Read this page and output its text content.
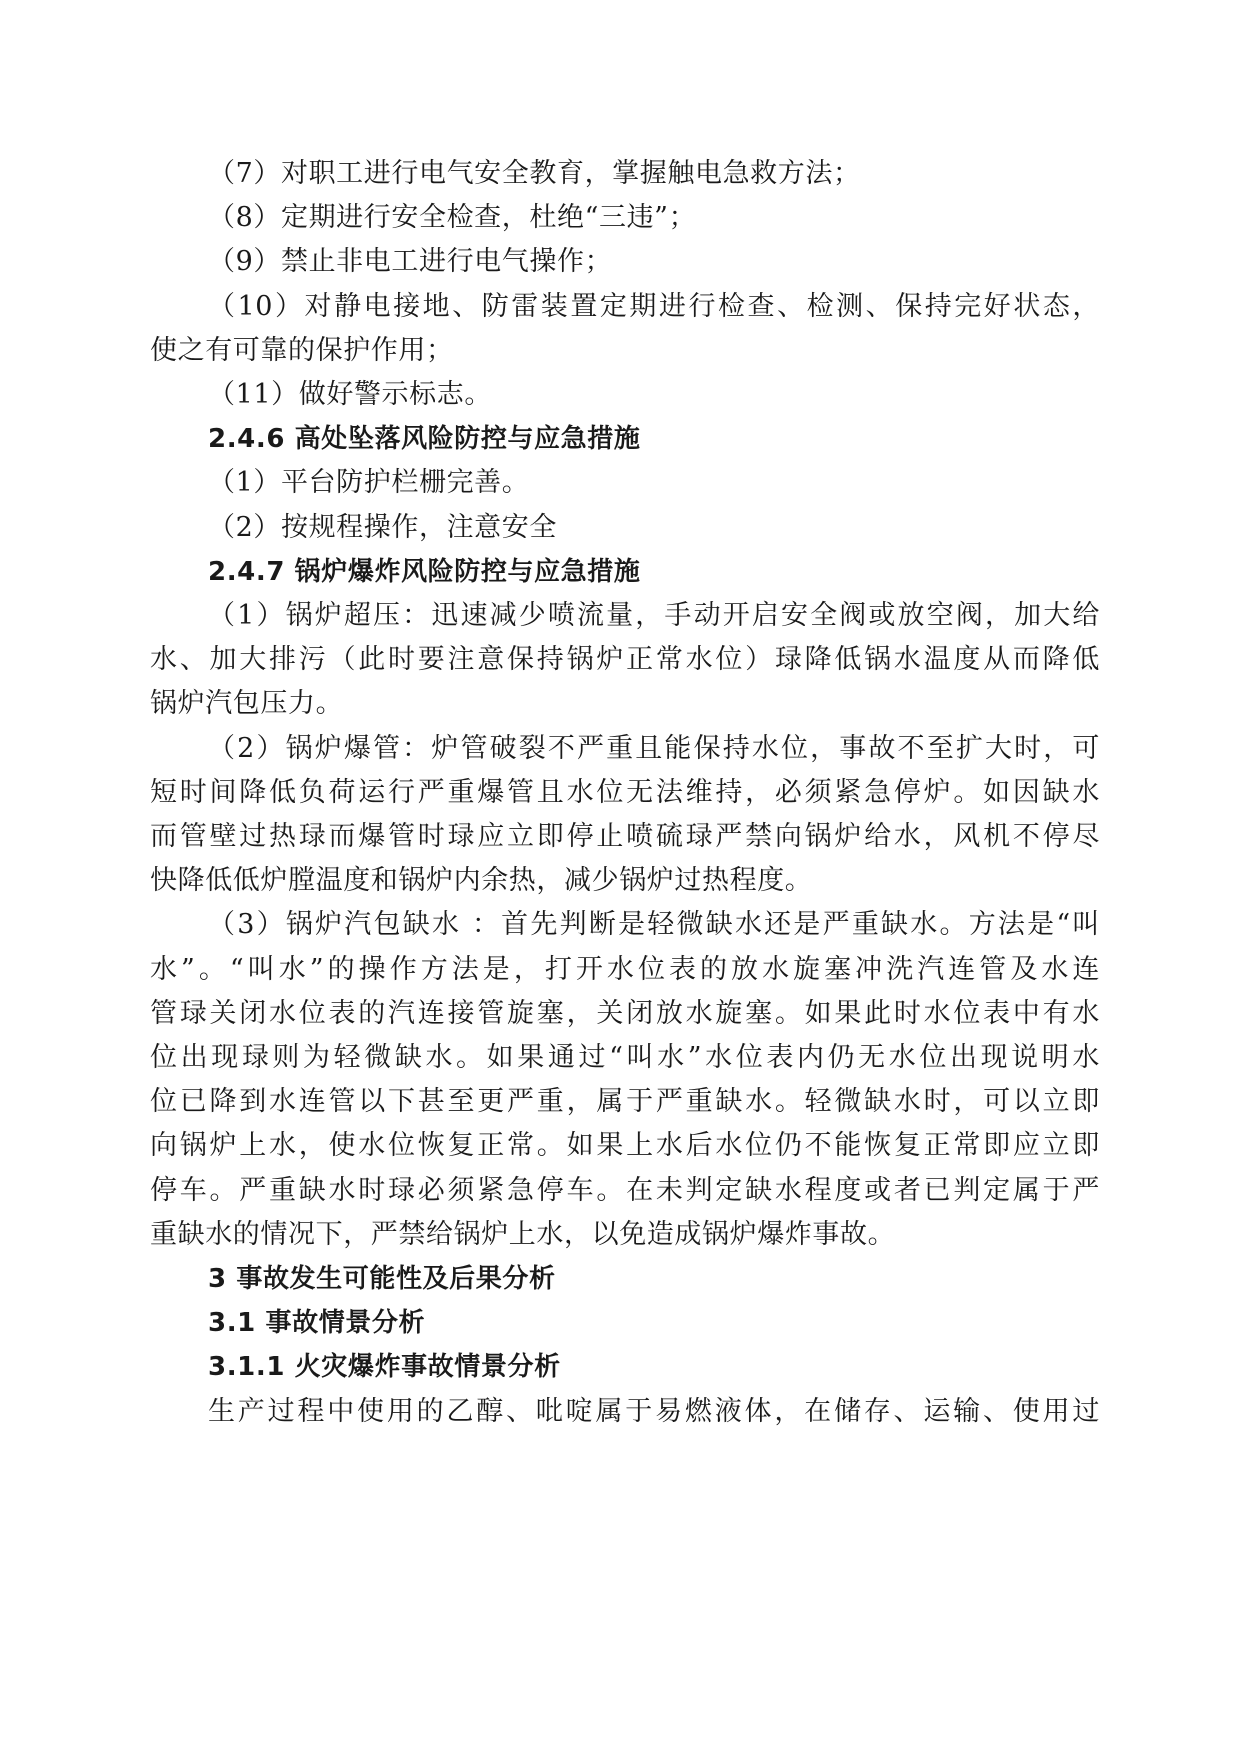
（7）对职工进行电气安全教育，掌握触电急救方法；
（8）定期进行安全检查，杜绝“三违”；
（9）禁止非电工进行电气操作；
（10）对静电接地、防雷装置定期进行检查、检测、保持完好状态，
使之有可靠的保护作用；
（11）做好警示标志。
2.4.6 高处坠落风险防控与应急措施
（1）平台防护栏栅完善。
（2）按规程操作，注意安全
2.4.7 锅炉爆炸风险防控与应急措施
（1）锅炉超压：迅速减少喷流量，手动开启安全阀或放空阀，加大给
水、加大排污（此时要注意保持锅炉正常水位）琭降低锅水温度从而降低
锅炉汽包压力。
（2）锅炉爆管：炉管破裂不严重且能保持水位，事故不至扩大时，可
短时间降低负荷运行严重爆管且水位无法维持，必须紧急停炉。如因缺水
而管壁过热琭而爆管时琭应立即停止喷硫琭严禁向锅炉给水，风机不停尽
快降低低炉膛温度和锅炉内余热，减少锅炉过热程度。
（3）锅炉汽包缺水 ：首先判断是轻微缺水还是严重缺水。方法是“叫
水”。“叫水”的操作方法是，打开水位表的放水旋塞冲洗汽连管及水连
管琭关闭水位表的汽连接管旋塞，关闭放水旋塞。如果此时水位表中有水
位出现琭则为轻微缺水。如果通过“叫水”水位表内仍无水位出现说明水
位已降到水连管以下甚至更严重，属于严重缺水。轻微缺水时，可以立即
向锅炉上水，使水位恢复正常。如果上水后水位仍不能恢复正常即应立即
停车。严重缺水时琭必须紧急停车。在未判定缺水程度或者已判定属于严
重缺水的情况下，严禁给锅炉上水，以免造成锅炉爆炸事故。
3 事故发生可能性及后果分析
3.1 事故情景分析
3.1.1 火灾爆炸事故情景分析
生产过程中使用的乙醇、吡啶属于易燃液体，在储存、运输、使用过
